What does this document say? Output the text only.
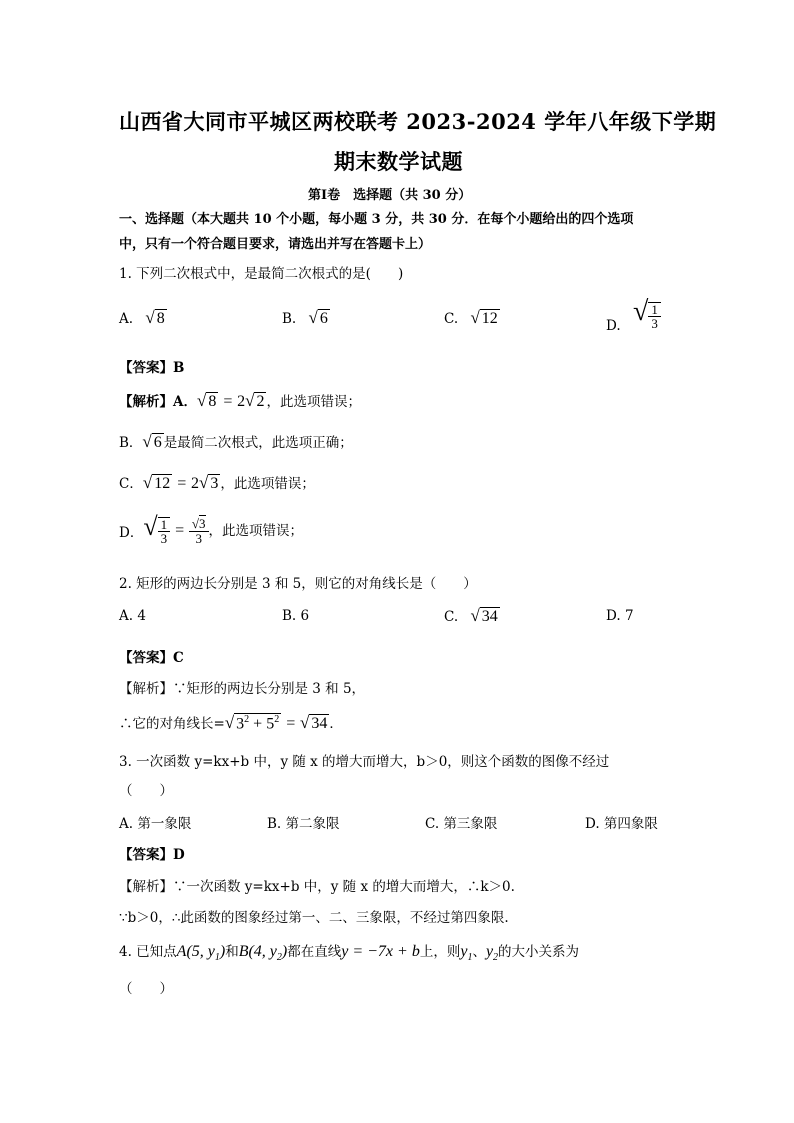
山西省大同市平城区两校联考 2023-2024 学年八年级下学期
期末数学试题
第Ⅰ卷　选择题（共 30 分）
一、选择题（本大题共 10 个小题，每小题 3 分，共 30 分．在每个小题给出的四个选项
中，只有一个符合题目要求，请选出并写在答题卡上）
1. 下列二次根式中，是最简二次根式的是(　　)
A. √ 8	B. √ 6	C. √ 12	D. √ $\frac{1}{3}$
【答案】B
【解析】A．√ 8 = 2√ 2 ，此选项错误；
B．√ 6 是最简二次根式，此选项正确；
C．√ 12 = 2√ 3 ，此选项错误；
D．√ $\frac{1}{3} = \frac{√3}{3}$ ，此选项错误；
2. 矩形的两边长分别是 3 和 5，则它的对角线长是（　　）
A. 4	B. 6	C. √ 34	D. 7
【答案】C
【解析】∵矩形的两边长分别是 3 和 5，
∴它的对角线长=√ $3^2 + 5^2$ = √ 34 ．
3. 一次函数 y=kx+b 中，y 随 x 的增大而增大，b＞0，则这个函数的图像不经过
（　　）
A. 第一象限	B. 第二象限	C. 第三象限	D. 第四象限
【答案】D
【解析】∵一次函数 y=kx+b 中，y 随 x 的增大而增大，∴k＞0.
∵b＞0，∴此函数的图象经过第一、二、三象限，不经过第四象限.
4. 已知点A(5, $y_1$)和B(4, $y_2$)都在直线y = −7x + b上，则$y_1$、$y_2$的大小关系为
（　　）
